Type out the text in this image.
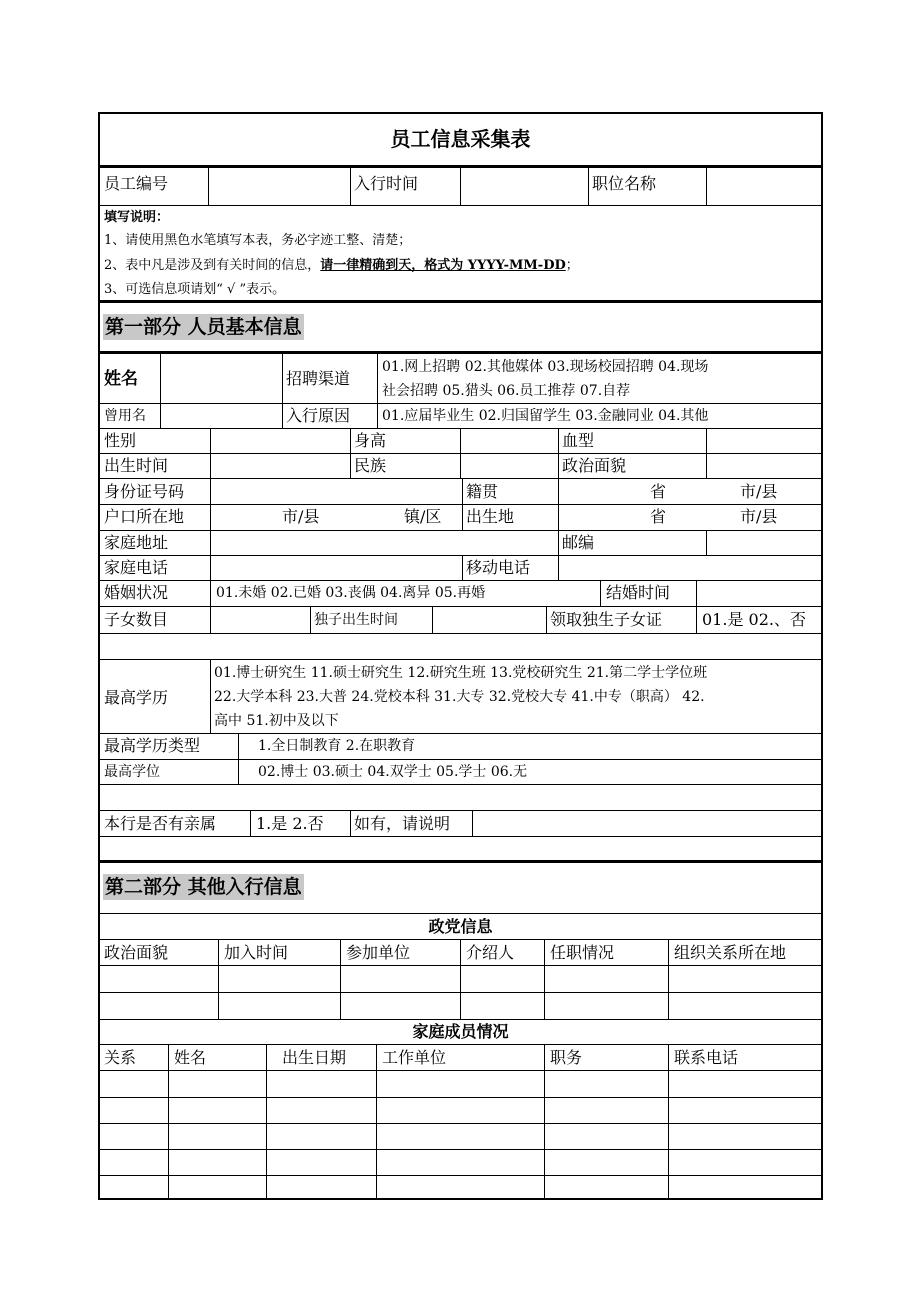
员工信息采集表
员工编号	入行时间	职位名称
填写说明：
1、请使用黑色水笔填写本表，务必字迹工整、清楚；
2、表中凡是涉及到有关时间的信息，请一律精确到天，格式为 YYYY-MM-DD；
3、可选信息项请划“ √ ”表示。
第一部分 人员基本信息
姓名	招聘渠道
01.网上招聘 02.其他媒体 03.现场校园招聘 04.现场
社会招聘 05.猎头 06.员工推荐 07.自荐
曾用名	入行原因 01.应届毕业生 02.归国留学生 03.金融同业 04.其他
性别	身高	血型
出生时间	民族	政治面貌
身份证号码	籍贯	省	市/县
户口所在地	市/县	镇/区 出生地	省	市/县
家庭地址	邮编
家庭电话	移动电话
婚姻状况	01.未婚 02.已婚 03.丧偶 04.离异 05.再婚	结婚时间
子女数目	独子出生时间	领取独生子女证 01.是 02.、否
最高学历
01.博士研究生 11.硕士研究生 12.研究生班 13.党校研究生 21.第二学士学位班
22.大学本科 23.大普 24.党校本科 31.大专 32.党校大专 41.中专（职高） 42.
高中 51.初中及以下
最高学历类型	1.全日制教育 2.在职教育
最高学位	02.博士 03.硕士 04.双学士 05.学士 06.无
本行是否有亲属 1.是 2.否 如有，请说明
第二部分 其他入行信息
政党信息
家庭成员情况
政治面貌	加入时间	参加单位	介绍人 任职情况	组织关系所在地
关系 姓名	出生日期 工作单位	职务	联系电话
